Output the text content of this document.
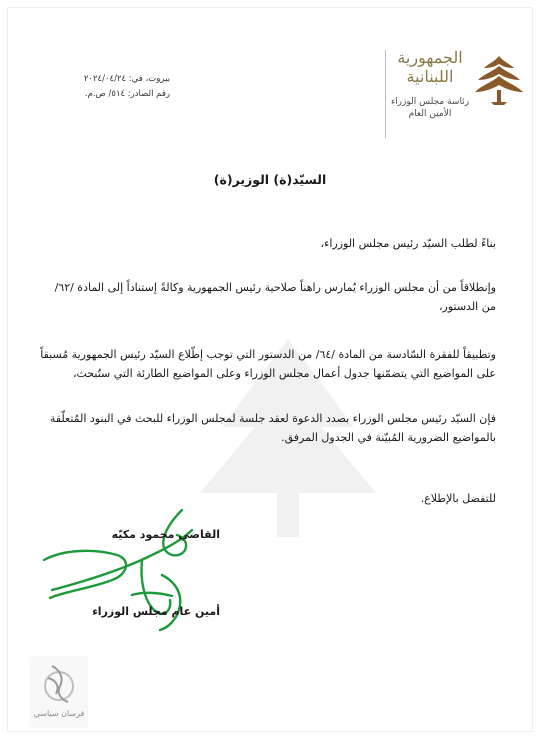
الجمهورية
اللبنانية
رئاسة مجلس الوزراء
الأمين العام
بيروت، في: ٢٠٢٤/٠٤/٢٤
رقم الصادر: ٥١٤/ ص.م.
السيّد(ة) الوزير(ة)
بناءً لطلب السيّد رئيس مجلس الوزراء،
وإنطلاقاً من أن مجلس الوزراء يُمارس راهناً صلاحية رئيس الجمهورية وكالةً إستناداً إلى المادة /٦٢/ من الدستور،
وتطبيقاً للفقرة السّادسة من المادة /٦٤/ من الدستور التي توجب إطّلاع السيّد رئيس الجمهورية مُسبقاً على المواضيع التي يتضمّنها جدول أعمال مجلس الوزراء وعلى المواضيع الطارئة التي ستُبحث،
فإن السيّد رئيس مجلس الوزراء بصدد الدعوة لعقد جلسة لمجلس الوزراء للبحث في البنود المُتعلّقة بالمواضيع الضرورية المُبيّنة في الجدول المرفق.
للتفضل بالإطلاع.
القاضي محمود مكيّه
أمين عام مجلس الوزراء
فرسان سياسي
